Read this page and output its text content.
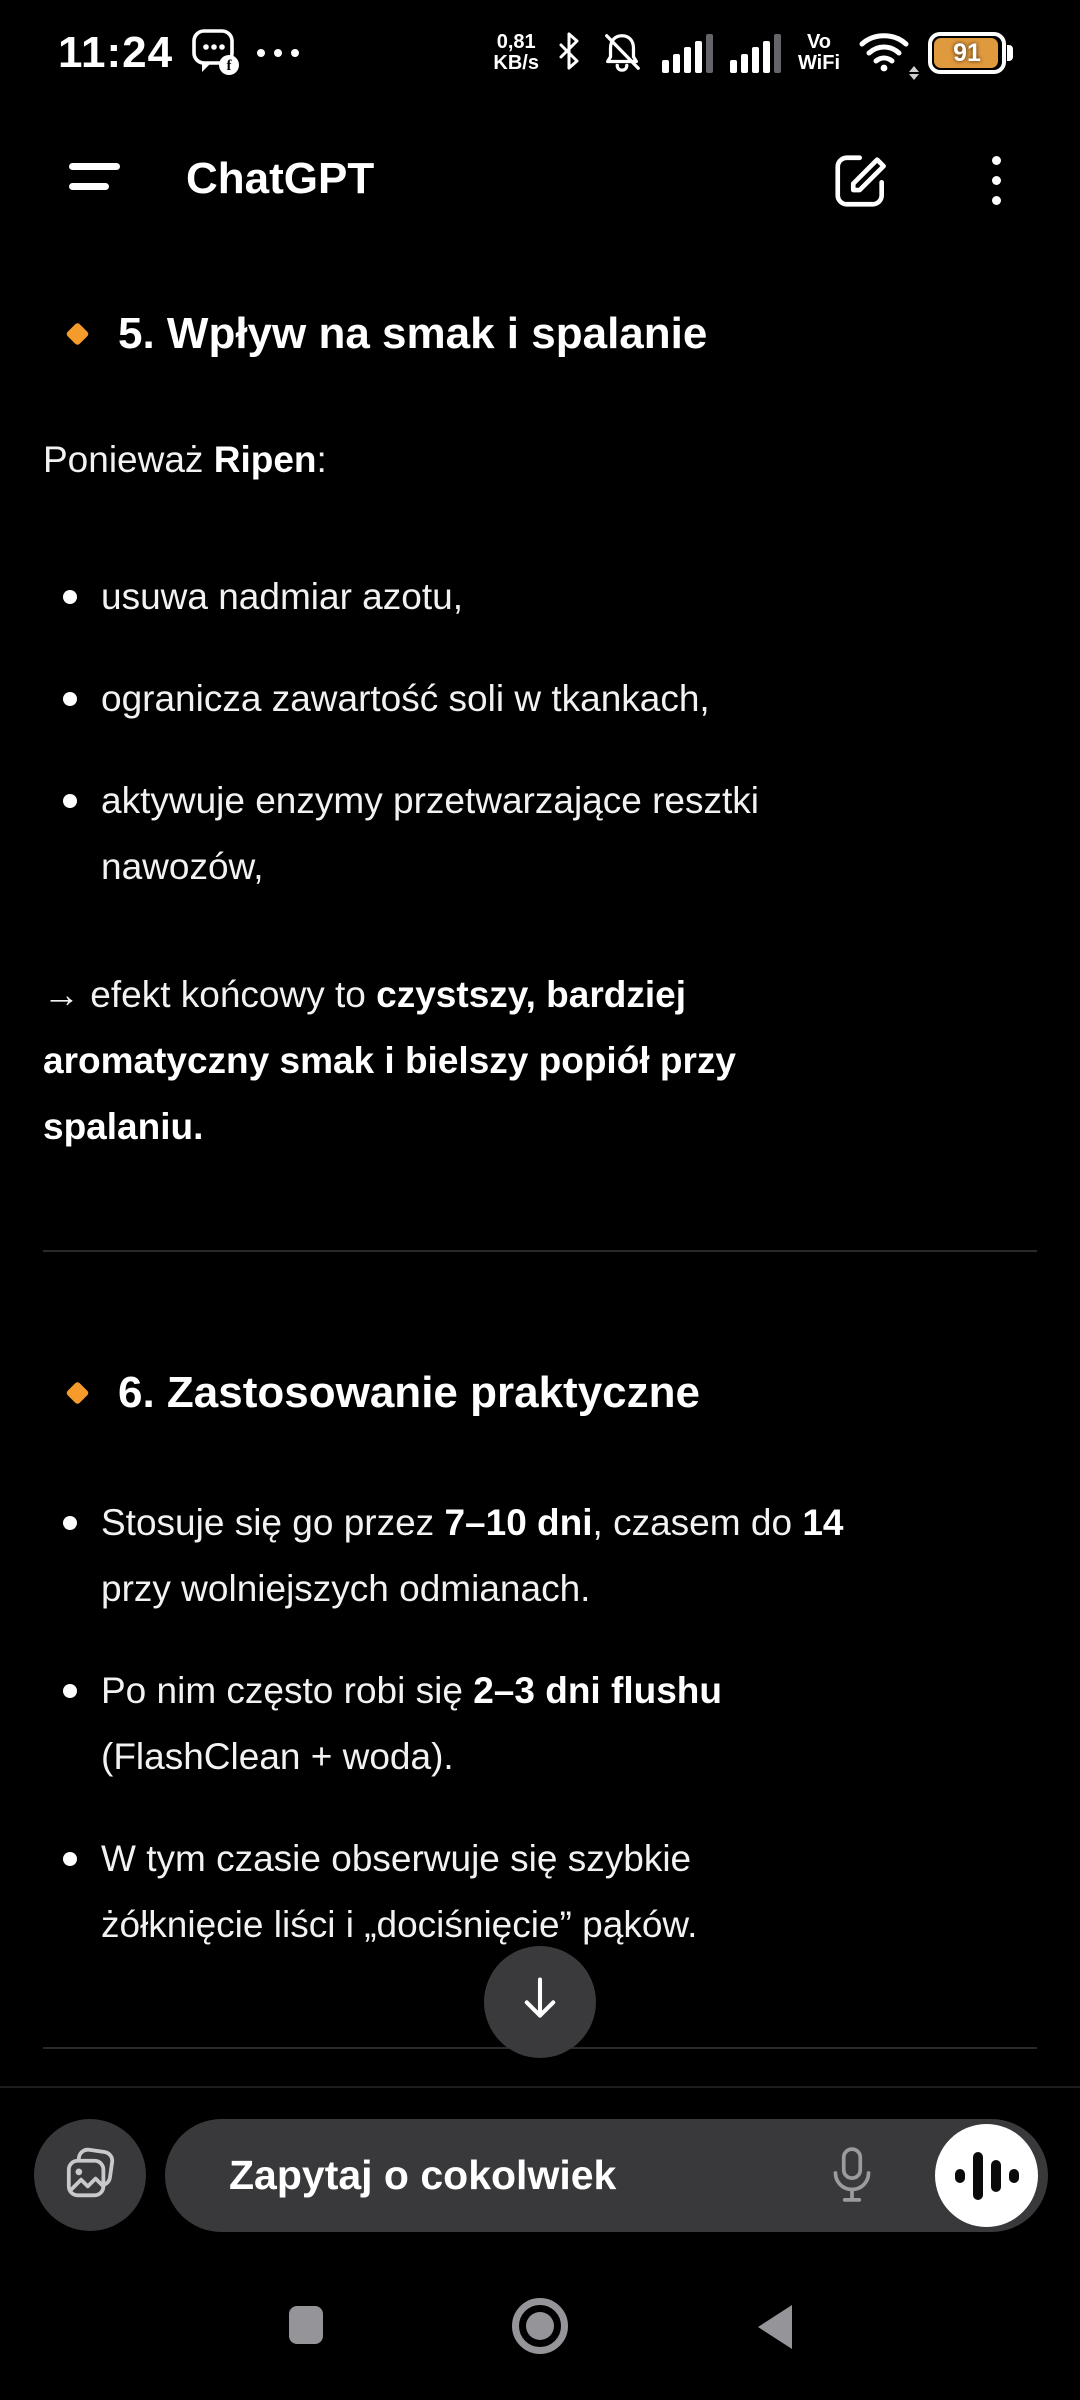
11:24	f
0,81
KB/s
Vo
WiFi	91
ChatGPT
5. Wpływ na smak i spalanie
Ponieważ Ripen:
usuwa nadmiar azotu,
ogranicza zawartość soli w tkankach,
aktywuje enzymy przetwarzające resztki
nawozów,
→ efekt końcowy to czystszy, bardziej
aromatyczny smak i bielszy popiół przy
spalaniu.
6. Zastosowanie praktyczne
Stosuje się go przez 7–10 dni, czasem do 14
przy wolniejszych odmianach.
Po nim często robi się 2–3 dni flushu
(FlashClean + woda).
W tym czasie obserwuje się szybkie
żółknięcie liści i „dociśnięcie” pąków.
Zapytaj o cokolwiek
